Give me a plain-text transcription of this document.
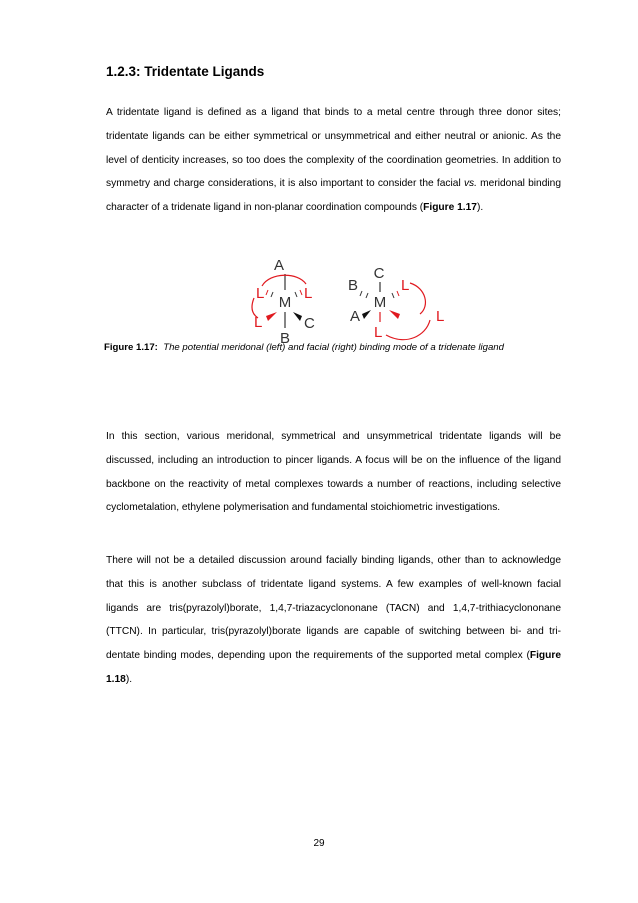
1.2.3: Tridentate Ligands

A tridentate ligand is defined as a ligand that binds to a metal centre through three donor sites; tridentate ligands can be either symmetrical or unsymmetrical and either neutral or anionic. As the level of denticity increases, so too does the complexity of the coordination geometries. In addition to symmetry and charge considerations, it is also important to consider the facial vs. meridonal binding character of a tridenate ligand in non-planar coordination compounds (Figure 1.17).

A
M
B
C
L	L
L
C
M
B
A
L
L
L
Figure 1.17: The potential meridonal (left) and facial (right) binding mode of a tridenate ligand

In this section, various meridonal, symmetrical and unsymmetrical tridentate ligands will be discussed, including an introduction to pincer ligands. A focus will be on the influence of the ligand backbone on the reactivity of metal complexes towards a number of reactions, including selective cyclometalation, ethylene polymerisation and fundamental stoichiometric investigations.

There will not be a detailed discussion around facially binding ligands, other than to acknowledge that this is another subclass of tridentate ligand systems. A few examples of well-known facial ligands are tris(pyrazolyl)borate, 1,4,7-triazacyclononane (TACN) and 1,4,7-trithiacyclononane (TTCN). In particular, tris(pyrazolyl)borate ligands are capable of switching between bi- and tri- dentate binding modes, depending upon the requirements of the supported metal complex (Figure 1.18).

29
